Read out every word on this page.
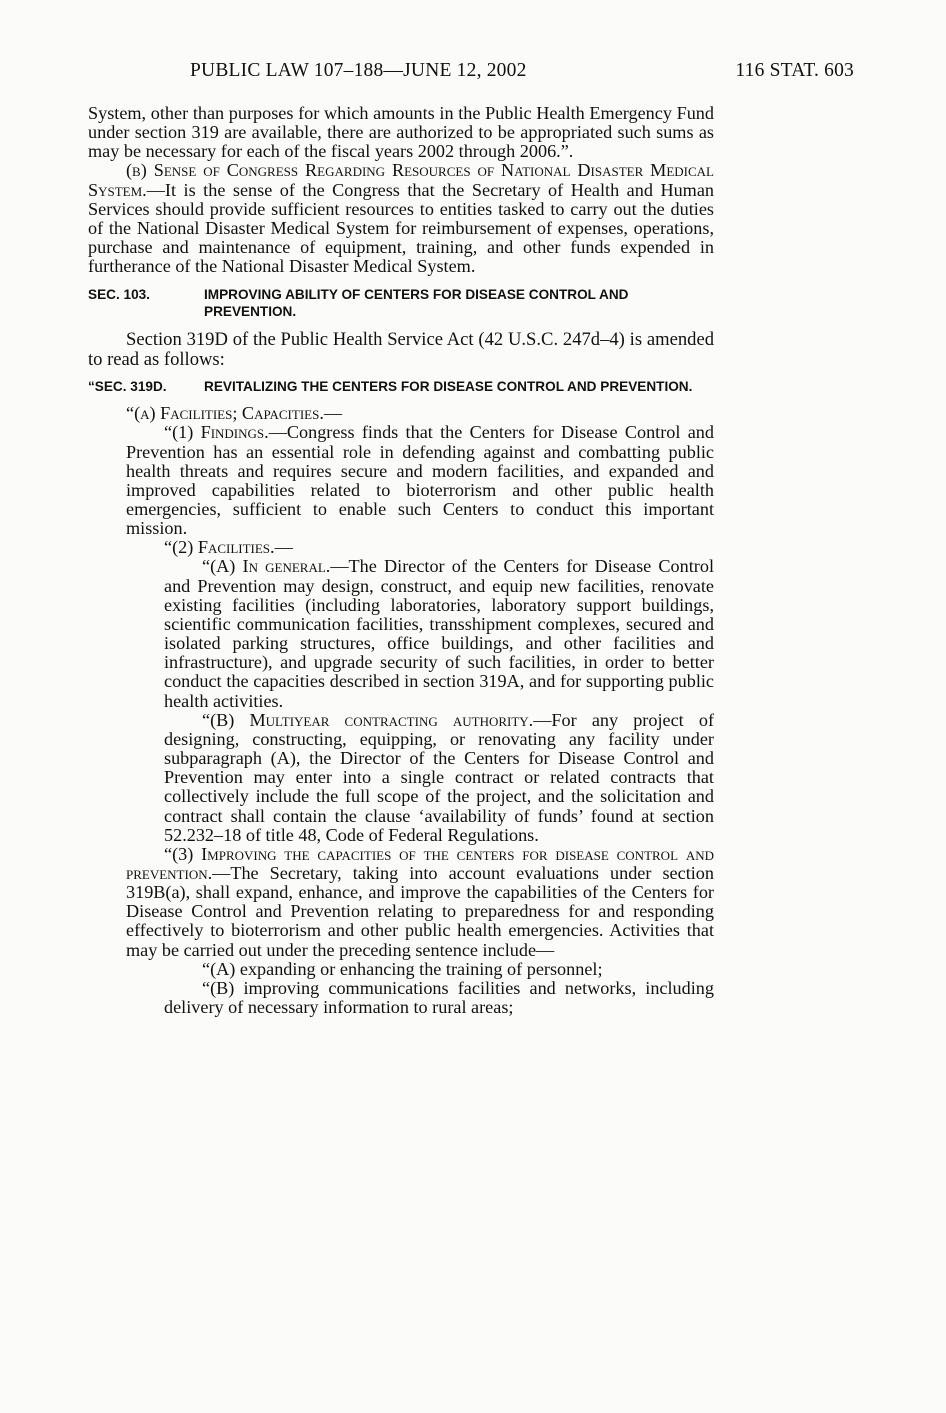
PUBLIC LAW 107–188—JUNE 12, 2002	116 STAT. 603

System, other than purposes for which amounts in the Public Health Emergency Fund under section 319 are available, there are authorized to be appropriated such sums as may be necessary for each of the fiscal years 2002 through 2006.”.

(b) Sense of Congress Regarding Resources of National Disaster Medical System.—It is the sense of the Congress that the Secretary of Health and Human Services should provide sufficient resources to entities tasked to carry out the duties of the National Disaster Medical System for reimbursement of expenses, operations, purchase and maintenance of equipment, training, and other funds expended in furtherance of the National Disaster Medical System.

SEC. 103.	IMPROVING ABILITY OF CENTERS FOR DISEASE CONTROL AND PREVENTION.

Section 319D of the Public Health Service Act (42 U.S.C. 247d–4) is amended to read as follows:

“SEC. 319D.	REVITALIZING THE CENTERS FOR DISEASE CONTROL AND PREVENTION.

“(a) Facilities; Capacities.—

“(1) Findings.—Congress finds that the Centers for Disease Control and Prevention has an essential role in defending against and combatting public health threats and requires secure and modern facilities, and expanded and improved capabilities related to bioterrorism and other public health emergencies, sufficient to enable such Centers to conduct this important mission.

“(2) Facilities.—

“(A) In general.—The Director of the Centers for Disease Control and Prevention may design, construct, and equip new facilities, renovate existing facilities (including laboratories, laboratory support buildings, scientific communication facilities, transshipment complexes, secured and isolated parking structures, office buildings, and other facilities and infrastructure), and upgrade security of such facilities, in order to better conduct the capacities described in section 319A, and for supporting public health activities.

“(B) Multiyear contracting authority.—For any project of designing, constructing, equipping, or renovating any facility under subparagraph (A), the Director of the Centers for Disease Control and Prevention may enter into a single contract or related contracts that collectively include the full scope of the project, and the solicitation and contract shall contain the clause ‘availability of funds’ found at section 52.232–18 of title 48, Code of Federal Regulations.

“(3) Improving the capacities of the centers for disease control and prevention.—The Secretary, taking into account evaluations under section 319B(a), shall expand, enhance, and improve the capabilities of the Centers for Disease Control and Prevention relating to preparedness for and responding effectively to bioterrorism and other public health emergencies. Activities that may be carried out under the preceding sentence include—

“(A) expanding or enhancing the training of personnel;

“(B) improving communications facilities and networks, including delivery of necessary information to rural areas;
